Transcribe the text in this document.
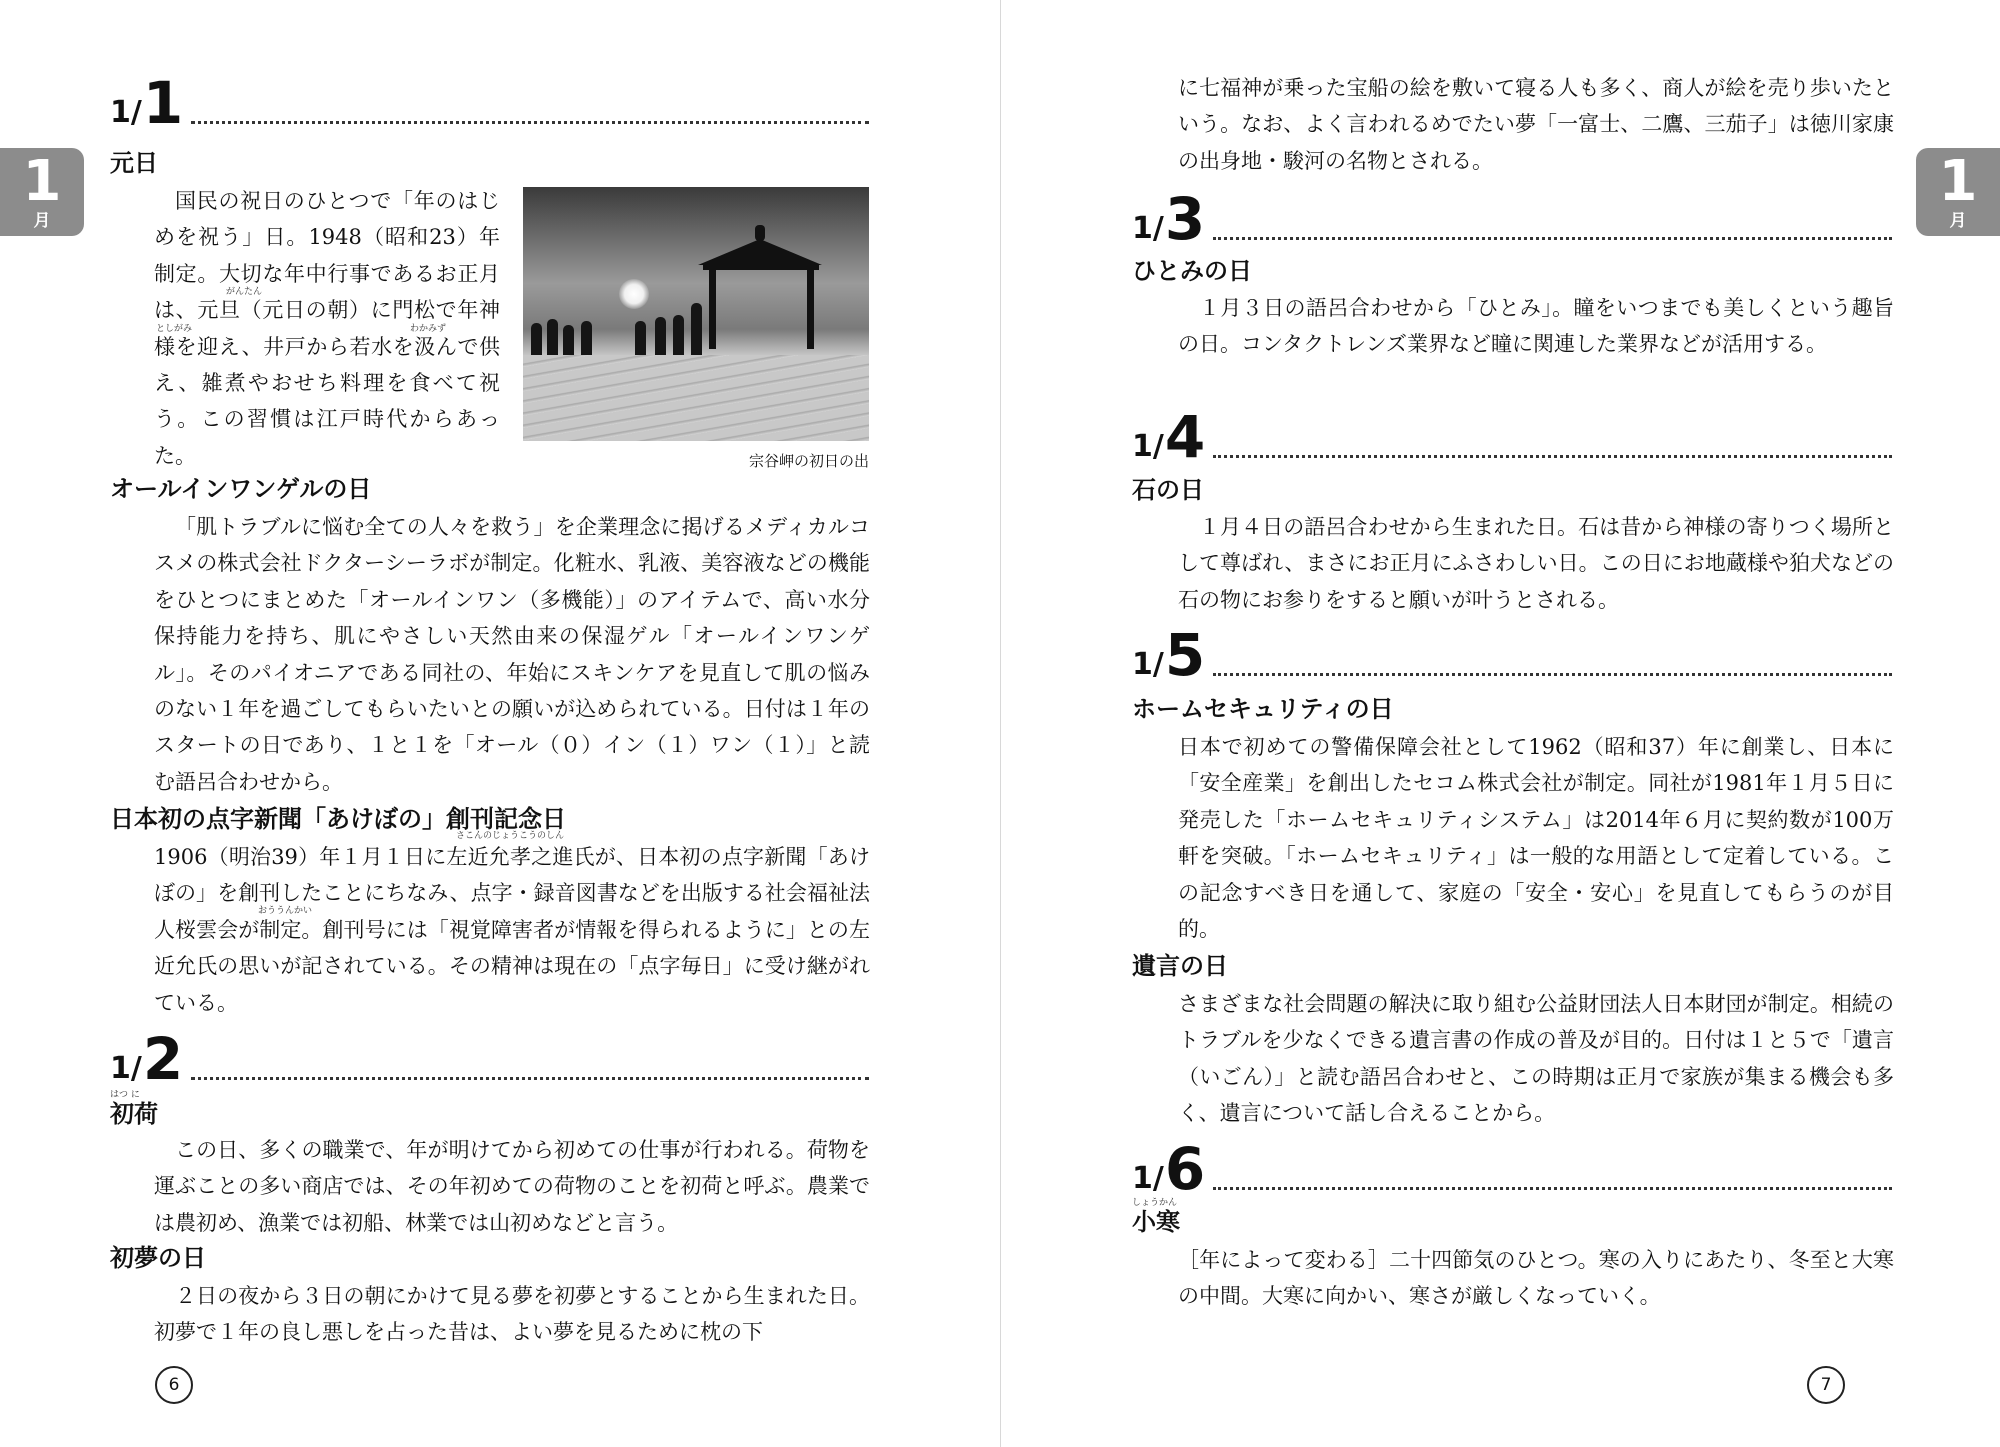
1
月
1/ 1
元日
がんたん
としがみ	わかみず

国民の祝日のひとつで「年のはじめを祝う」日。1948（昭和23）年制定。大切な年中行事であるお正月は、元旦（元日の朝）に門松で年神様を迎え、井戸から若水を汲んで供え、雑煮やおせち料理を食べて祝う。この習慣は江戸時代からあった。	宗谷岬の初日の出
オールインワンゲルの日

「肌トラブルに悩む全ての人々を救う」を企業理念に掲げるメディカルコスメの株式会社ドクターシーラボが制定。化粧水、乳液、美容液などの機能をひとつにまとめた「オールインワン（多機能）」のアイテムで、高い水分保持能力を持ち、肌にやさしい天然由来の保湿ゲル「オールインワンゲル」。そのパイオニアである同社の、年始にスキンケアを見直して肌の悩みのない１年を過ごしてもらいたいとの願いが込められている。日付は１年のスタートの日であり、１と１を「オール（０）イン（１）ワン（１）」と読む語呂合わせから。

日本初の点字新聞「あけぼの」創刊記念日
さこんのじょうこうのしん
おううんかい

1906（明治39）年１月１日に左近允孝之進氏が、日本初の点字新聞「あけぼの」を創刊したことにちなみ、点字・録音図書などを出版する社会福祉法人桜雲会が制定。創刊号には「視覚障害者が情報を得られるように」との左近允氏の思いが記されている。その精神は現在の「点字毎日」に受け継がれている。

1/ 2
はつ に
初荷

この日、多くの職業で、年が明けてから初めての仕事が行われる。荷物を運ぶことの多い商店では、その年初めての荷物のことを初荷と呼ぶ。農業では農初め、漁業では初船、林業では山初めなどと言う。

初夢の日

２日の夜から３日の朝にかけて見る夢を初夢とすることから生まれた日。初夢で１年の良し悪しを占った昔は、よい夢を見るために枕の下

6
1
月

に七福神が乗った宝船の絵を敷いて寝る人も多く、商人が絵を売り歩いたという。なお、よく言われるめでたい夢「一富士、二鷹、三茄子」は徳川家康の出身地・駿河の名物とされる。

1/ 3
ひとみの日

１月３日の語呂合わせから「ひとみ」。瞳をいつまでも美しくという趣旨の日。コンタクトレンズ業界など瞳に関連した業界などが活用する。

1/ 4
石の日

１月４日の語呂合わせから生まれた日。石は昔から神様の寄りつく場所として尊ばれ、まさにお正月にふさわしい日。この日にお地蔵様や狛犬などの石の物にお参りをすると願いが叶うとされる。

1/ 5
ホームセキュリティの日

日本で初めての警備保障会社として1962（昭和37）年に創業し、日本に「安全産業」を創出したセコム株式会社が制定。同社が1981年１月５日に発売した「ホームセキュリティシステム」は2014年６月に契約数が100万軒を突破。「ホームセキュリティ」は一般的な用語として定着している。この記念すべき日を通して、家庭の「安全・安心」を見直してもらうのが目的。

遺言の日

さまざまな社会問題の解決に取り組む公益財団法人日本財団が制定。相続のトラブルを少なくできる遺言書の作成の普及が目的。日付は１と５で「遺言（いごん）」と読む語呂合わせと、この時期は正月で家族が集まる機会も多く、遺言について話し合えることから。

1/ 6
しょうかん
小寒

［年によって変わる］二十四節気のひとつ。寒の入りにあたり、冬至と大寒の中間。大寒に向かい、寒さが厳しくなっていく。

7
